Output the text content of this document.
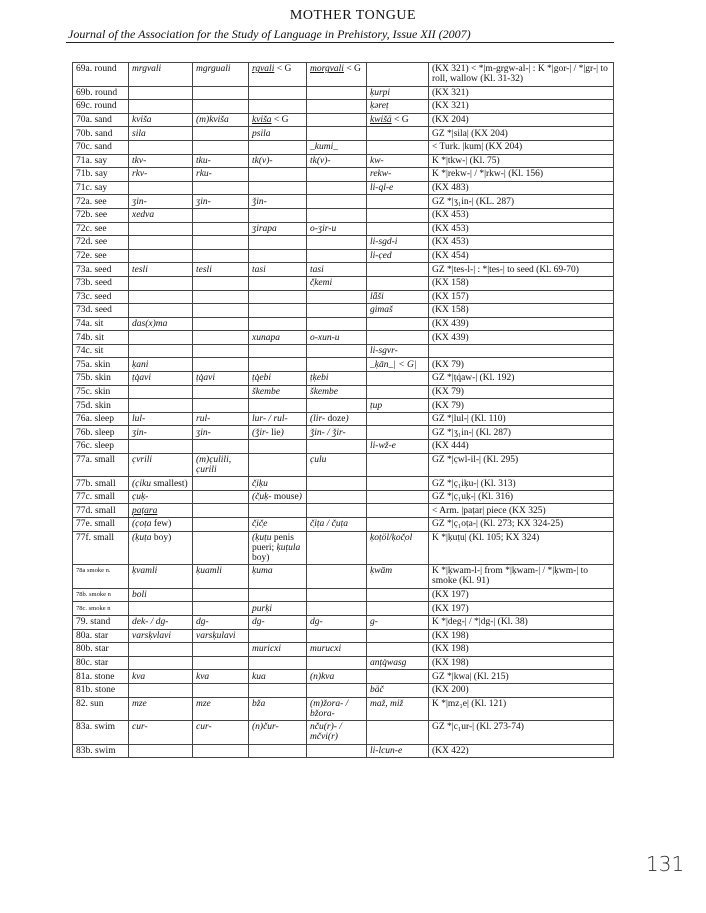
MOTHER TONGUE
Journal of the Association for the Study of Language in Prehistory, Issue XII (2007)
69a. round	mrgvali	mgrguali	rgvali < G	morgvali < G		(KX 321) < *|m-grgw-al-| : K *|gor-| / *|gr-| to roll, wallow (Kl. 31-32)
69b. round					ḳurpi	(KX 321)
69c. round					ḳəreṭ	(KX 321)
70a. sand	kviša	(m)kviša	kviša < G		kwišä < G	(KX 204)
70b. sand	sila		psila			GZ *|sila| (KX 204)
70c. sand				_kumi_		< Turk. |kum| (KX 204)
71a. say	tkv-	tku-	tk(v)-	tk(v)-	kw-	K *|tkw-| (Kl. 75)
71b. say	rkv-	rku-			rekw-	K *|rekw-| / *|rkw-| (Kl. 156)
71c. say					li-ql-e	(KX 483)
72a. see	ʒin-	ʒin-	ǯin-			GZ *|ʒ₁in-| (KL. 287)
72b. see	xedva					(KX 453)
72c. see			ʒirapa	o-ʒir-u		(KX 453)
72d. see					li-sgd-i	(KX 453)
72e. see					li-c̣ed	(KX 454)
73a. seed	tesli	tesli	tasi	tasi		GZ *|tes-l-| : *|tes-| to seed (Kl. 69-70)
73b. seed				č̣kemi		(KX 158)
73c. seed					lǟši	(KX 157)
73d. seed					gimaš	(KX 158)
74a. sit	das(x)ma					(KX 439)
74b. sit			xunapa	o-xun-u		(KX 439)
74c. sit					li-sgvr-	
75a. skin	ḳani				_ḳān_| < G|	(KX 79)
75b. skin	ṭq̇avi	ṭq̇avi	ṭq̇ebi	ṭḳebi		GZ *|ṭq̇aw-| (Kl. 192)
75c. skin			škembe	škembe		(KX 79)
75d. skin					ṭup	(KX 79)
76a. sleep	lul-	rul-	lur- / rul-	(lir- doze)		GZ *|lul-| (Kl. 110)
76b. sleep	ʒin-	ʒin-	(ǯir- lie)	ǯin- / ǯir-		GZ *|ʒ₁in-| (Kl. 287)
76c. sleep					li-wž-e	(KX 444)
77a. small	c̣vrili	(m)c̣ulili, c̣urili		c̣ulu		GZ *|c̣wl-il-| (Kl. 295)
77b. small	(c̣iku smallest)		č̣iḳu			GZ *|c̣₁iḳu-| (Kl. 313)
77c. small	c̣uḳ-		(č̣uḳ- mouse)			GZ *|c̣₁uḳ-| (Kl. 316)
77d. small	p̣aṭara					< Arm. |paṭar| piece (KX 325)
77e. small	(c̣oṭa few)		č̣ič̣e	č̣iṭa / č̣uṭa		GZ *|c̣₁oṭa-| (Kl. 273; KX 324-25)
77f. small	(ḳuṭa boy)		(ḳuṭu penis pueri; ḳuṭula boy)		ḳoṭöl/ḳoč̣ol	K *|ḳuṭu| (Kl. 105; KX 324)
78a smoke n.	ḳvamli	ḳuamli	ḳuma		ḳwām	K *|ḳwam-l-| from *|ḳwam-| / *|ḳwm-| to smoke (Kl. 91)
78b. smoke n	boli					(KX 197)
78c. smoke n			purḳi			(KX 197)
79. stand	dek- / dg-	dg-	dg-	dg-	g-	K *|deg-| / *|dg-| (Kl. 38)
80a. star	varsḳvlavi	varsḳulavi				(KX 198)
80b. star			muricxi	murucxi		(KX 198)
80c. star					anṭq̇wasg	(KX 198)
81a. stone	kva	kva	kua	(n)kva		GZ *|kwa| (Kl. 215)
81b. stone					bäč	(KX 200)
82. sun	mze	mze	bža	(m)žora- / bžora-	maž, miž	K *|mz₁e| (Kl. 121)
83a. swim	cur-	cur-	(n)čur-	nču(r)- / mčvi(r)		GZ *|c₁ur-| (Kl. 273-74)
83b. swim					li-lcun-e	(KX 422)
131
